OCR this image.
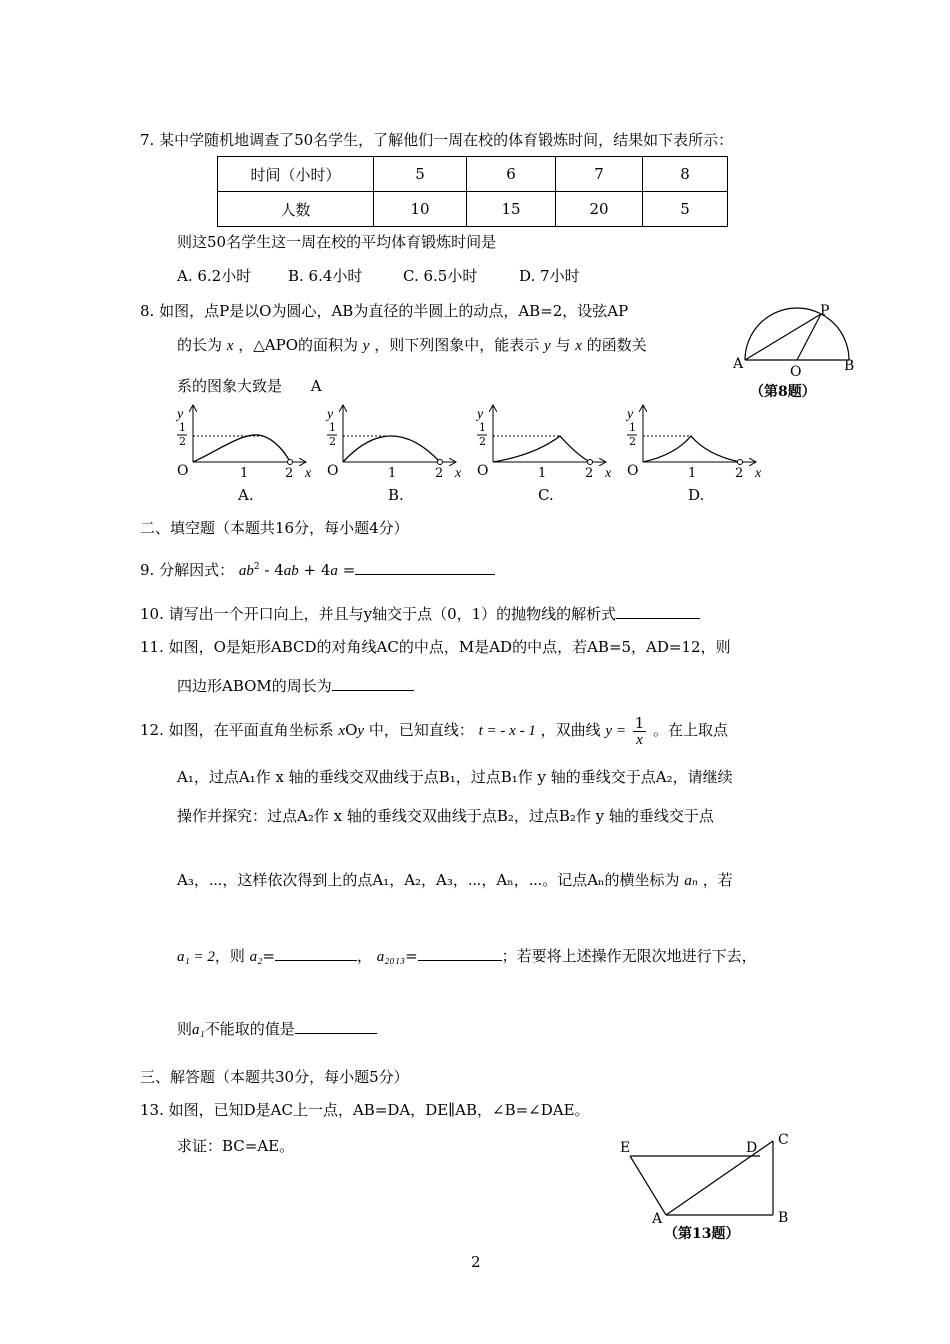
7. 某中学随机地调查了50名学生，了解他们一周在校的体育锻炼时间，结果如下表所示：
时间（小时）	5	6	7	8
人数	10	15	20	5
则这50名学生这一周在校的平均体育锻炼时间是
A. 6.2小时 B. 6.4小时	C. 6.5小时	D. 7小时
8. 如图，点P是以O为圆心，AB为直径的半圆上的动点，AB=2，设弦AP
的长为 x ，△APO的面积为 y ，则下列图象中，能表示 y 与 x 的函数关
系的图象大致是 A
A	B
O
P
（第8题）
y
1
2
O	1	2 x
A.
y
1
2
O	1	2 x
B.
y
1
2
O	1	2 x
C.
y
1
2
O	1	2 x
D.
二、填空题（本题共16分，每小题4分）
9. 分解因式： $ab^2 - 4ab + 4a$ =
10. 请写出一个开口向上，并且与y轴交于点（0，1）的抛物线的解析式
11. 如图，O是矩形ABCD的对角线AC的中点，M是AD的中点，若AB=5，AD=12，则
四边形ABOM的周长为
12. 如图，在平面直角坐标系 xOy 中，已知直线： t = - x - 1 ，双曲线 $y = \frac{1}{x}$ 。在上取点
A₁，过点A₁作 x 轴的垂线交双曲线于点B₁，过点B₁作 y 轴的垂线交于点A₂，请继续
操作并探究：过点A₂作 x 轴的垂线交双曲线于点B₂，过点B₂作 y 轴的垂线交于点
A₃，⋯，这样依次得到上的点A₁，A₂，A₃，⋯，Aₙ，⋯。记点Aₙ的横坐标为 aₙ ，若
a₁ = 2，则 a₂=	， a₂₀₁₃=	；若要将上述操作无限次地进行下去，
则a₁不能取的值是
三、解答题（本题共30分，每小题5分）
13. 如图，已知D是AC上一点，AB=DA，DE∥AB，∠B=∠DAE。
求证：BC=AE。	E	D C
B
A
（第13题）
2
